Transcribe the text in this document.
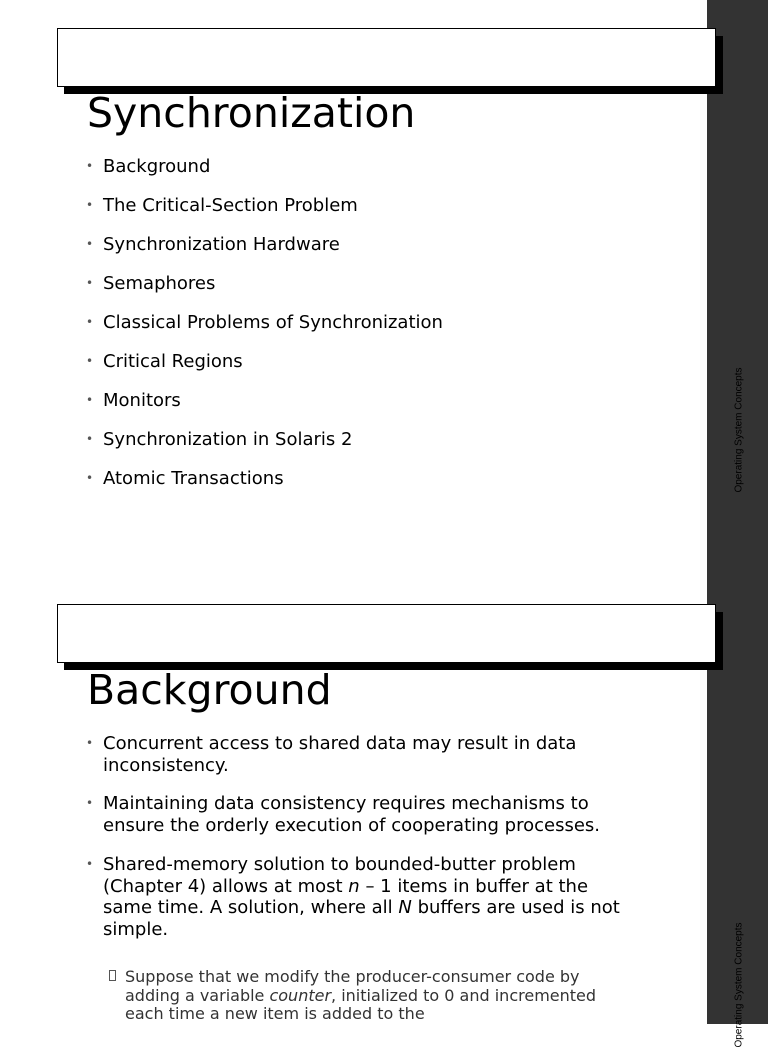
Operating System Concepts
Operating System Concepts
Synchronization
• Background
• The Critical-Section Problem
• Synchronization Hardware
• Semaphores
• Classical Problems of Synchronization
• Critical Regions
• Monitors
• Synchronization in Solaris 2
• Atomic Transactions
Background
• Concurrent access to shared data may result in data inconsistency.
• Maintaining data consistency requires mechanisms to ensure the orderly execution of cooperating processes.
• Shared-memory solution to bounded-butter problem (Chapter 4) allows at most n – 1 items in buffer at the same time. A solution, where all N buffers are used is not simple.
Suppose that we modify the producer-consumer code by adding a variable counter, initialized to 0 and incremented each time a new item is added to the
